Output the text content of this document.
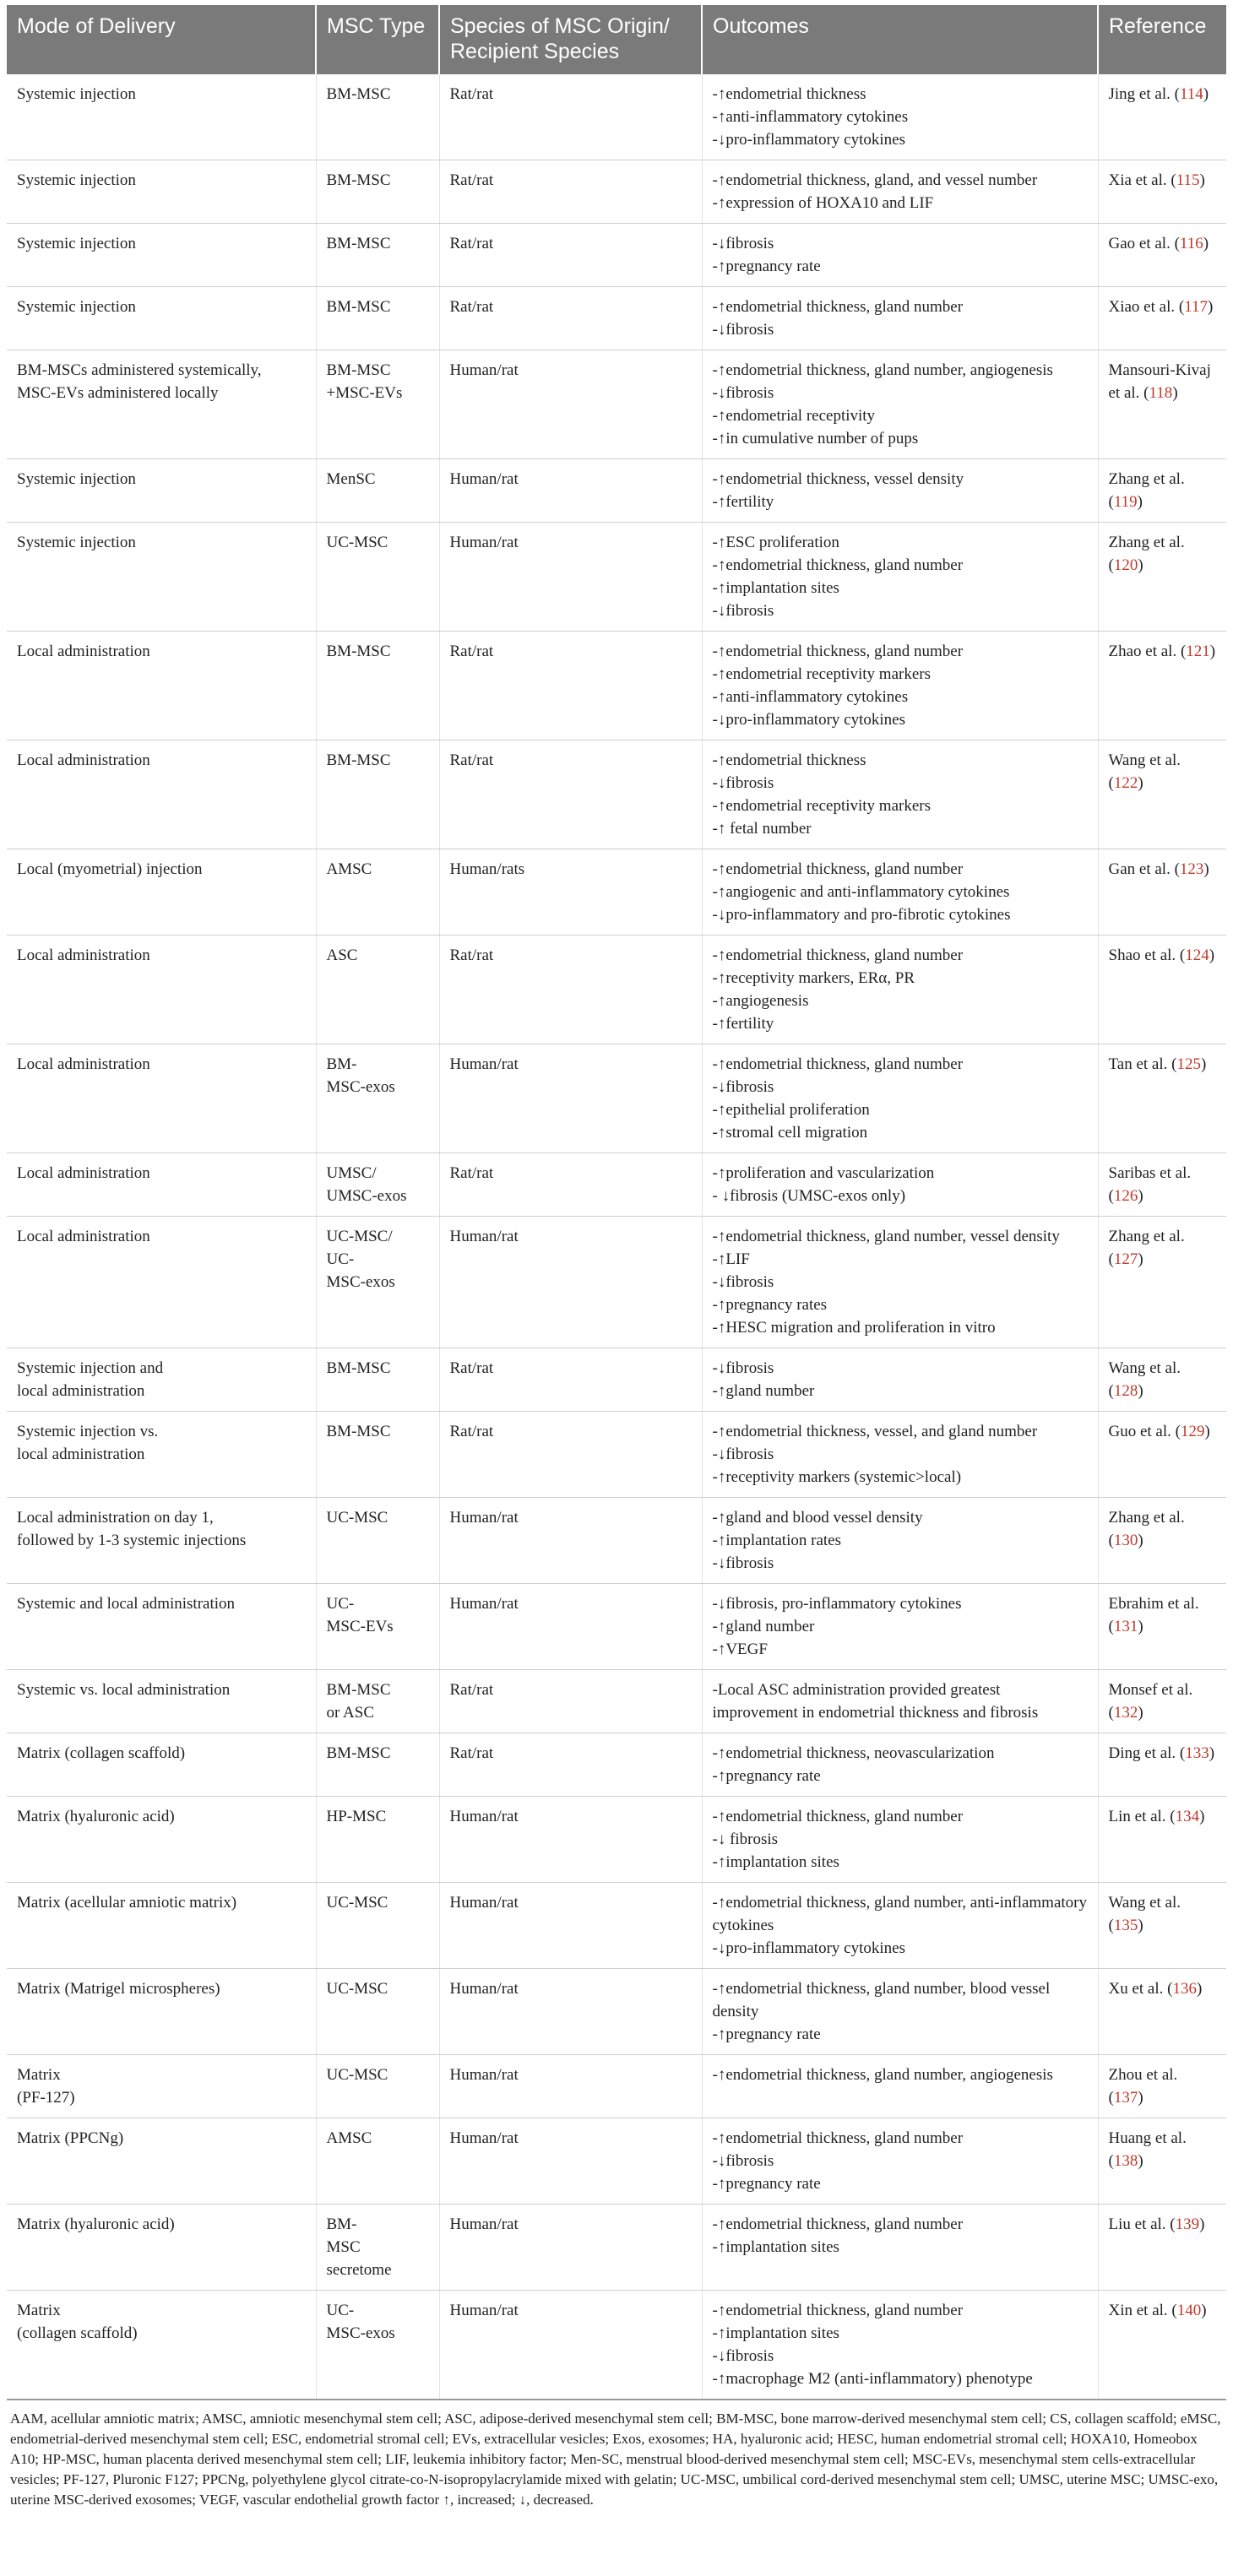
Mode of Delivery	MSC Type	Species of MSC Origin/ Recipient Species	Outcomes	Reference

Systemic injection	BM-MSC	Rat/rat	-↑endometrial thickness
-↑anti-inflammatory cytokines
-↓pro-inflammatory cytokines	Jing et al. (114)

Systemic injection	BM-MSC	Rat/rat	-↑endometrial thickness, gland, and vessel number
-↑expression of HOXA10 and LIF	Xia et al. (115)

Systemic injection	BM-MSC	Rat/rat	-↓fibrosis
-↑pregnancy rate	Gao et al. (116)

Systemic injection	BM-MSC	Rat/rat	-↑endometrial thickness, gland number
-↓fibrosis	Xiao et al. (117)

BM-MSCs administered systemically,
MSC-EVs administered locally	BM-MSC
+MSC-EVs	Human/rat	-↑endometrial thickness, gland number, angiogenesis
-↓fibrosis
-↑endometrial receptivity
-↑in cumulative number of pups	Mansouri-Kivaj et al. (118)

Systemic injection	MenSC	Human/rat	-↑endometrial thickness, vessel density
-↑fertility	Zhang et al. (119)

Systemic injection	UC-MSC	Human/rat	-↑ESC proliferation
-↑endometrial thickness, gland number
-↑implantation sites
-↓fibrosis	Zhang et al. (120)

Local administration	BM-MSC	Rat/rat	-↑endometrial thickness, gland number
-↑endometrial receptivity markers
-↑anti-inflammatory cytokines
-↓pro-inflammatory cytokines	Zhao et al. (121)

Local administration	BM-MSC	Rat/rat	-↑endometrial thickness
-↓fibrosis
-↑endometrial receptivity markers
-↑ fetal number	Wang et al. (122)

Local (myometrial) injection	AMSC	Human/rats	-↑endometrial thickness, gland number
-↑angiogenic and anti-inflammatory cytokines
-↓pro-inflammatory and pro-fibrotic cytokines	Gan et al. (123)

Local administration	ASC	Rat/rat	-↑endometrial thickness, gland number
-↑receptivity markers, ERα, PR
-↑angiogenesis
-↑fertility	Shao et al. (124)

Local administration	BM-
MSC-exos	Human/rat	-↑endometrial thickness, gland number
-↓fibrosis
-↑epithelial proliferation
-↑stromal cell migration	Tan et al. (125)

Local administration	UMSC/
UMSC-exos	Rat/rat	-↑proliferation and vascularization
- ↓fibrosis (UMSC-exos only)	Saribas et al. (126)

Local administration	UC-MSC/
UC-
MSC-exos	Human/rat	-↑endometrial thickness, gland number, vessel density
-↑LIF
-↓fibrosis
-↑pregnancy rates
-↑HESC migration and proliferation in vitro	Zhang et al. (127)

Systemic injection and
local administration	BM-MSC	Rat/rat	-↓fibrosis
-↑gland number	Wang et al. (128)

Systemic injection vs.
local administration	BM-MSC	Rat/rat	-↑endometrial thickness, vessel, and gland number
-↓fibrosis
-↑receptivity markers (systemic>local)	Guo et al. (129)

Local administration on day 1,
followed by 1-3 systemic injections	UC-MSC	Human/rat	-↑gland and blood vessel density
-↑implantation rates
-↓fibrosis	Zhang et al. (130)

Systemic and local administration	UC-
MSC-EVs	Human/rat	-↓fibrosis, pro-inflammatory cytokines
-↑gland number
-↑VEGF	Ebrahim et al. (131)

Systemic vs. local administration	BM-MSC
or ASC	Rat/rat	-Local ASC administration provided greatest improvement in endometrial thickness and fibrosis	Monsef et al. (132)

Matrix (collagen scaffold)	BM-MSC	Rat/rat	-↑endometrial thickness, neovascularization
-↑pregnancy rate	Ding et al. (133)

Matrix (hyaluronic acid)	HP-MSC	Human/rat	-↑endometrial thickness, gland number
-↓ fibrosis
-↑implantation sites	Lin et al. (134)

Matrix (acellular amniotic matrix)	UC-MSC	Human/rat	-↑endometrial thickness, gland number, anti-inflammatory cytokines
-↓pro-inflammatory cytokines	Wang et al. (135)

Matrix (Matrigel microspheres)	UC-MSC	Human/rat	-↑endometrial thickness, gland number, blood vessel density
-↑pregnancy rate	Xu et al. (136)

Matrix
(PF-127)	UC-MSC	Human/rat	-↑endometrial thickness, gland number, angiogenesis	Zhou et al. (137)

Matrix (PPCNg)	AMSC	Human/rat	-↑endometrial thickness, gland number
-↓fibrosis
-↑pregnancy rate	Huang et al. (138)

Matrix (hyaluronic acid)	BM-
MSC
secretome	Human/rat	-↑endometrial thickness, gland number
-↑implantation sites	Liu et al. (139)

Matrix
(collagen scaffold)	UC-
MSC-exos	Human/rat	-↑endometrial thickness, gland number
-↑implantation sites
-↓fibrosis
-↑macrophage M2 (anti-inflammatory) phenotype	Xin et al. (140)
AAM, acellular amniotic matrix; AMSC, amniotic mesenchymal stem cell; ASC, adipose-derived mesenchymal stem cell; BM-MSC, bone marrow-derived mesenchymal stem cell; CS, collagen scaffold; eMSC, endometrial-derived mesenchymal stem cell; ESC, endometrial stromal cell; EVs, extracellular vesicles; Exos, exosomes; HA, hyaluronic acid; HESC, human endometrial stromal cell; HOXA10, Homeobox A10; HP-MSC, human placenta derived mesenchymal stem cell; LIF, leukemia inhibitory factor; Men-SC, menstrual blood-derived mesenchymal stem cell; MSC-EVs, mesenchymal stem cells-extracellular vesicles; PF-127, Pluronic F127; PPCNg, polyethylene glycol citrate-co-N-isopropylacrylamide mixed with gelatin; UC-MSC, umbilical cord-derived mesenchymal stem cell; UMSC, uterine MSC; UMSC-exo, uterine MSC-derived exosomes; VEGF, vascular endothelial growth factor ↑, increased; ↓, decreased.
